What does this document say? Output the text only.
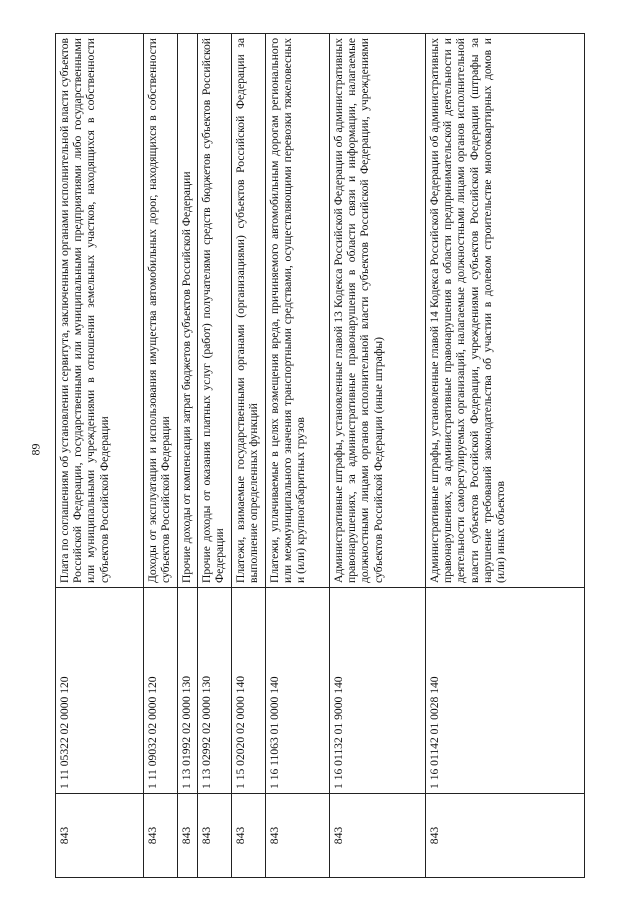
89
843	1 11 05322 02 0000 120	Плата по соглашениям об установлении сервитута, заключенным органами исполнительной власти субъектов Российской Федерации, государственными или муниципальными предприятиями либо государственными или муниципальными учреждениями в отношении земельных участков, находящихся в собственности субъектов Российской Федерации
843	1 11 09032 02 0000 120	Доходы от эксплуатации и использования имущества автомобильных дорог, находящихся в собственности субъектов Российской Федерации
843	1 13 01992 02 0000 130	Прочие доходы от компенсации затрат бюджетов субъектов Российской Федерации
843	1 13 02992 02 0000 130	Прочие доходы от оказания платных услуг (работ) получателями средств бюджетов субъектов Российской Федерации
843	1 15 02020 02 0000 140	Платежи, взимаемые государственными органами (организациями) субъектов Российской Федерации за выполнение определенных функций
843	1 16 11063 01 0000 140	Платежи, уплачиваемые в целях возмещения вреда, причиняемого автомобильным дорогам регионального или межмуниципального значения транспортными средствами, осуществляющими перевозки тяжеловесных и (или) крупногабаритных грузов
843	1 16 01132 01 9000 140	Административные штрафы, установленные главой 13 Кодекса Российской Федерации об административных правонарушениях, за административные правонарушения в области связи и информации, налагаемые должностными лицами органов исполнительной власти субъектов Российской Федерации, учреждениями субъектов Российской Федерации (иные штрафы)
843	1 16 01142 01 0028 140	Административные штрафы, установленные главой 14 Кодекса Российской Федерации об административных правонарушениях, за административные правонарушения в области предпринимательской деятельности и деятельности саморегулируемых организаций, налагаемые должностными лицами органов исполнительной власти субъектов Российской Федерации, учреждениями субъектов Российской Федерации (штрафы за нарушение требований законодательства об участии в долевом строительстве многоквартирных домов и (или) иных объектов
